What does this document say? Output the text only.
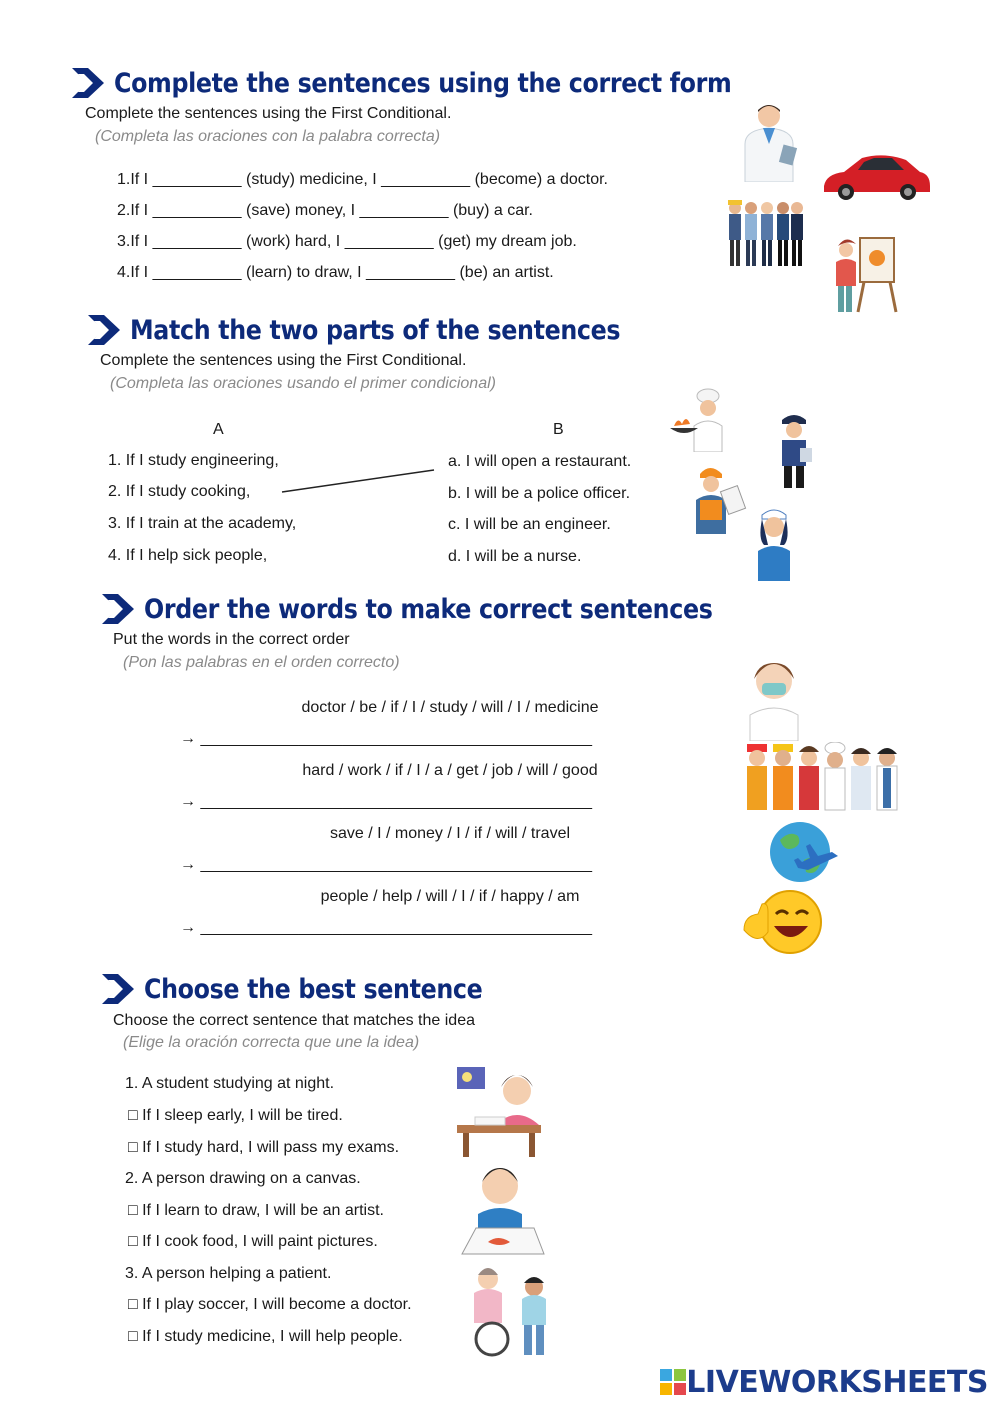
Complete the sentences using the correct form
Complete the sentences using the First Conditional.
(Completa las oraciones con la palabra correcta)
1.If I __________ (study) medicine, I __________ (become) a doctor.
2.If I __________ (save) money, I __________ (buy) a car.
3.If I __________ (work) hard, I __________ (get) my dream job.
4.If I __________ (learn) to draw, I __________ (be) an artist.
Match the two parts of the sentences
Complete the sentences using the First Conditional.
(Completa las oraciones usando el primer condicional)
A	B
1. If I study engineering,
2. If I study cooking,
3. If I train at the academy,
4. If I help sick people,
a. I will open a restaurant.
b. I will be a police officer.
c. I will be an engineer.
d. I will be a nurse.
Order the words to make correct sentences
Put the words in the correct order
(Pon las palabras en el orden correcto)
doctor / be / if / I / study / will / I / medicine
→ ____________________________________________
hard / work / if / I / a / get / job / will / good
→ ____________________________________________
save / I / money / I / if / will / travel
→ ____________________________________________
people / help / will / I / if / happy / am
→ ____________________________________________
Choose the best sentence
Choose the correct sentence that matches the idea
(Elige la oración correcta que une la idea)
1. A student studying at night.
□ If I sleep early, I will be tired.
□ If I study hard, I will pass my exams.
2. A person drawing on a canvas.
□ If I learn to draw, I will be an artist.
□ If I cook food, I will paint pictures.
3. A person helping a patient.
□ If I play soccer, I will become a doctor.
□ If I study medicine, I will help people.
LIVEWORKSHEETS
